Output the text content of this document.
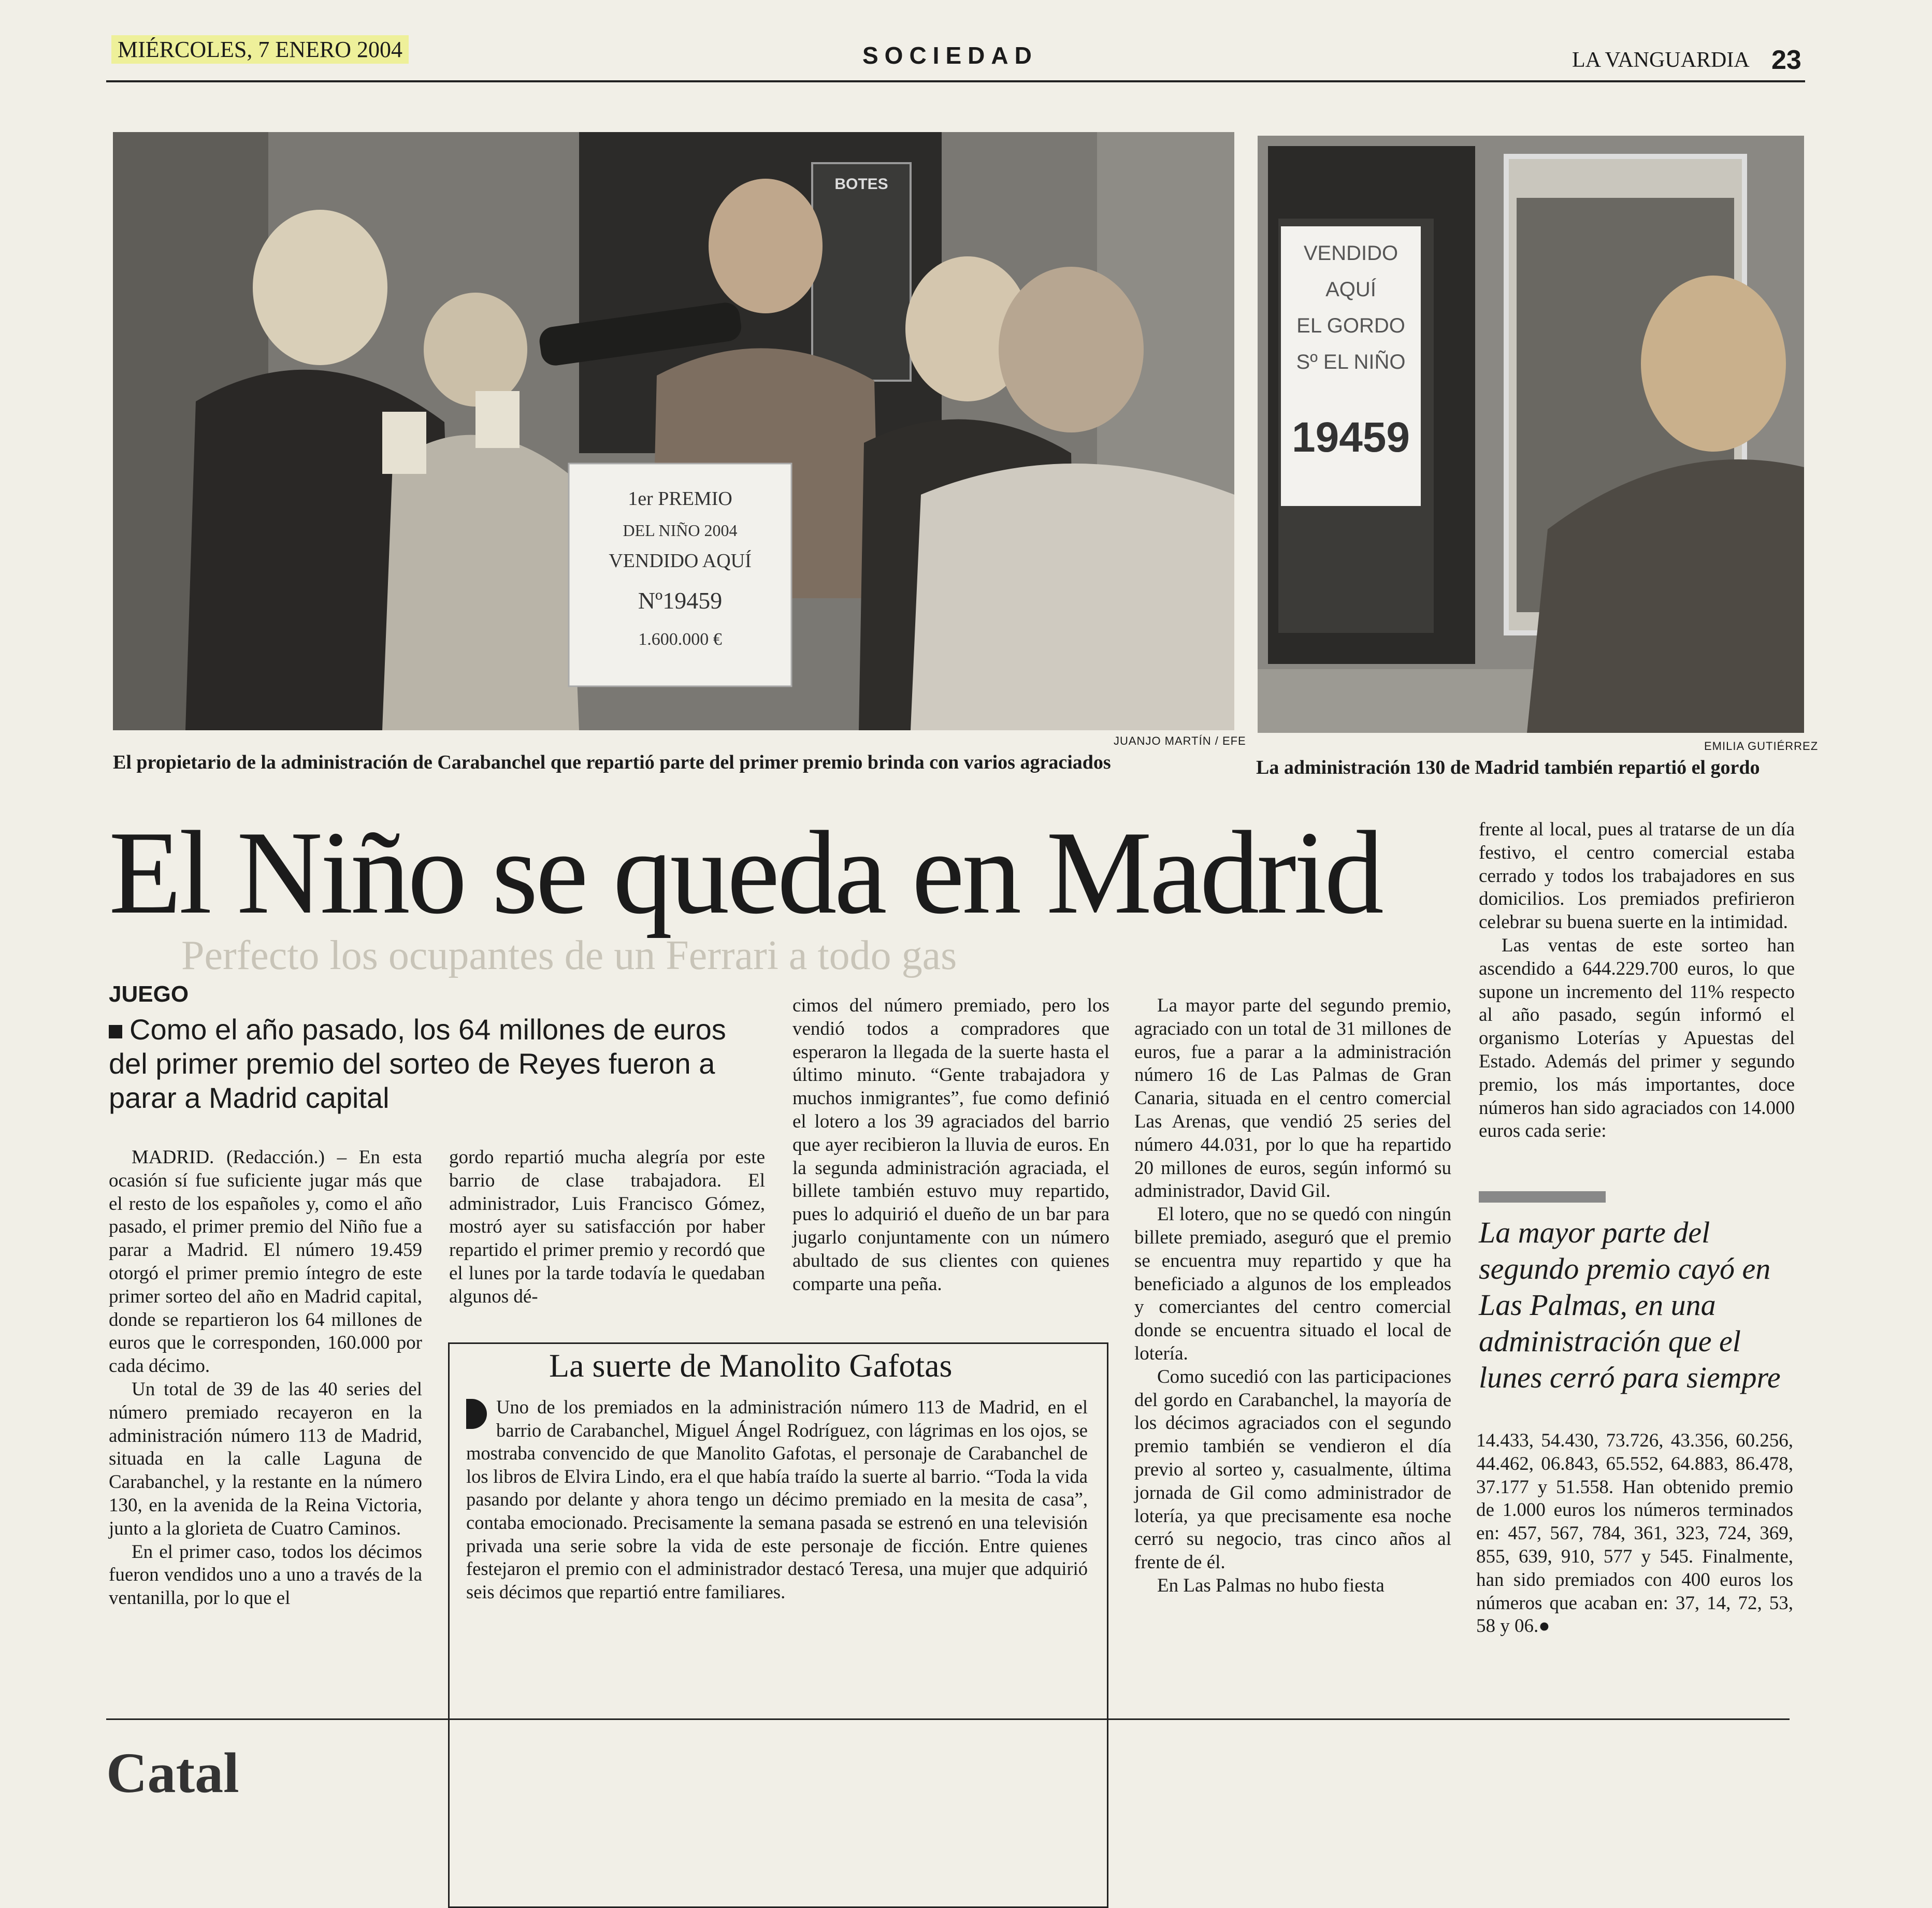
MIÉRCOLES, 7 ENERO 2004	SOCIEDAD	LA VANGUARDIA 23
BOTES
1er PREMIO
DEL NIÑO 2004
VENDIDO AQUÍ
Nº19459
1.600.000 €
JUANJO MARTÍN / EFE
El propietario de la administración de Carabanchel que repartió parte del primer premio brinda con varios agraciados
VENDIDO
AQUÍ
EL GORDO
Sº EL NIÑO
19459
EMILIA GUTIÉRREZ
La administración 130 de Madrid también repartió el gordo
Perfecto los ocupantes de un Ferrari a todo gas
El Niño se queda en Madrid
JUEGO
Como el año pasado, los 64 millones de euros del primer premio del sorteo de Reyes fueron a parar a Madrid capital

MADRID. (Redacción.) – En esta ocasión sí fue suficiente jugar más que el resto de los españoles y, como el año pasado, el primer premio del Niño fue a parar a Madrid. El número 19.459 otorgó el primer premio íntegro de este primer sorteo del año en Madrid capital, donde se repartieron los 64 millones de euros que le corresponden, 160.000 por cada décimo.

Un total de 39 de las 40 series del número premiado recayeron en la administración número 113 de Madrid, situada en la calle Laguna de Carabanchel, y la restante en la número 130, en la avenida de la Reina Victoria, junto a la glorieta de Cuatro Caminos.

En el primer caso, todos los décimos fueron vendidos uno a uno a través de la ventanilla, por lo que el

gordo repartió mucha alegría por este barrio de clase trabajadora. El administrador, Luis Francisco Gómez, mostró ayer su satisfacción por haber repartido el primer premio y recordó que el lunes por la tarde todavía le quedaban algunos dé-

cimos del número premiado, pero los vendió todos a compradores que esperaron la llegada de la suerte hasta el último minuto. “Gente trabajadora y muchos inmigrantes”, fue como definió el lotero a los 39 agraciados del barrio que ayer recibieron la lluvia de euros. En la segunda administración agraciada, el billete también estuvo muy repartido, pues lo adquirió el dueño de un bar para jugarlo conjuntamente con un número abultado de sus clientes con quienes comparte una peña.

La suerte de Manolito Gafotas
Uno de los premiados en la administración número 113 de Madrid, en el barrio de Carabanchel, Miguel Ángel Rodríguez, con lágrimas en los ojos, se mostraba convencido de que Manolito Gafotas, el personaje de Carabanchel de los libros de Elvira Lindo, era el que había traído la suerte al barrio. “Toda la vida pasando por delante y ahora tengo un décimo premiado en la mesita de casa”, contaba emocionado. Precisamente la semana pasada se estrenó en una televisión privada una serie sobre la vida de este personaje de ficción. Entre quienes festejaron el premio con el administrador destacó Teresa, una mujer que adquirió seis décimos que repartió entre familiares.

La mayor parte del segundo premio, agraciado con un total de 31 millones de euros, fue a parar a la administración número 16 de Las Palmas de Gran Canaria, situada en el centro comercial Las Arenas, que vendió 25 series del número 44.031, por lo que ha repartido 20 millones de euros, según informó su administrador, David Gil.

El lotero, que no se quedó con ningún billete premiado, aseguró que el premio se encuentra muy repartido y que ha beneficiado a algunos de los empleados y comerciantes del centro comercial donde se encuentra situado el local de lotería.

Como sucedió con las participaciones del gordo en Carabanchel, la mayoría de los décimos agraciados con el segundo premio también se vendieron el día previo al sorteo y, casualmente, última jornada de Gil como administrador de lotería, ya que precisamente esa noche cerró su negocio, tras cinco años al frente de él.

En Las Palmas no hubo fiesta

frente al local, pues al tratarse de un día festivo, el centro comercial estaba cerrado y todos los trabajadores en sus domicilios. Los premiados prefirieron celebrar su buena suerte en la intimidad.

Las ventas de este sorteo han ascendido a 644.229.700 euros, lo que supone un incremento del 11% respecto al año pasado, según informó el organismo Loterías y Apuestas del Estado. Además del primer y segundo premio, los más importantes, doce números han sido agraciados con 14.000 euros cada serie:

La mayor parte del segundo premio cayó en Las Palmas, en una administración que el lunes cerró para siempre

14.433, 54.430, 73.726, 43.356, 60.256, 44.462, 06.843, 65.552, 64.883, 86.478, 37.177 y 51.558. Han obtenido premio de 1.000 euros los números terminados en: 457, 567, 784, 361, 323, 724, 369, 855, 639, 910, 577 y 545. Finalmente, han sido premiados con 400 euros los números que acaban en: 37, 14, 72, 53, 58 y 06.●

Catal
